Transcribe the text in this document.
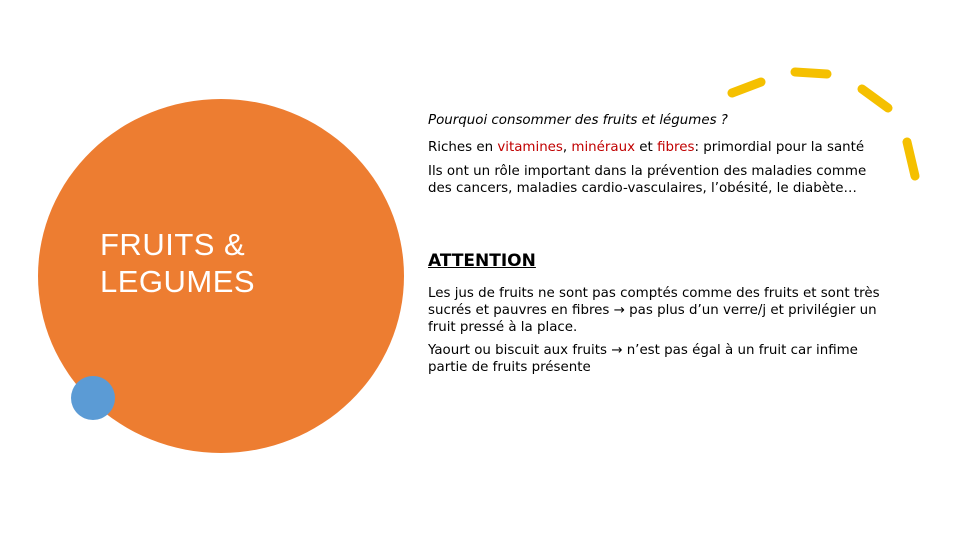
FRUITS &
LEGUMES

Pourquoi consommer des fruits et légumes ?

Riches en vitamines, minéraux et fibres: primordial pour la santé

Ils ont un rôle important dans la prévention des maladies comme des cancers, maladies cardio-vasculaires, l’obésité, le diabète…

ATTENTION

Les jus de fruits ne sont pas comptés comme des fruits et sont très sucrés et pauvres en fibres → pas plus d’un verre/j et privilégier un fruit pressé à la place.

Yaourt ou biscuit aux fruits → n’est pas égal à un fruit car infime partie de fruits présente
